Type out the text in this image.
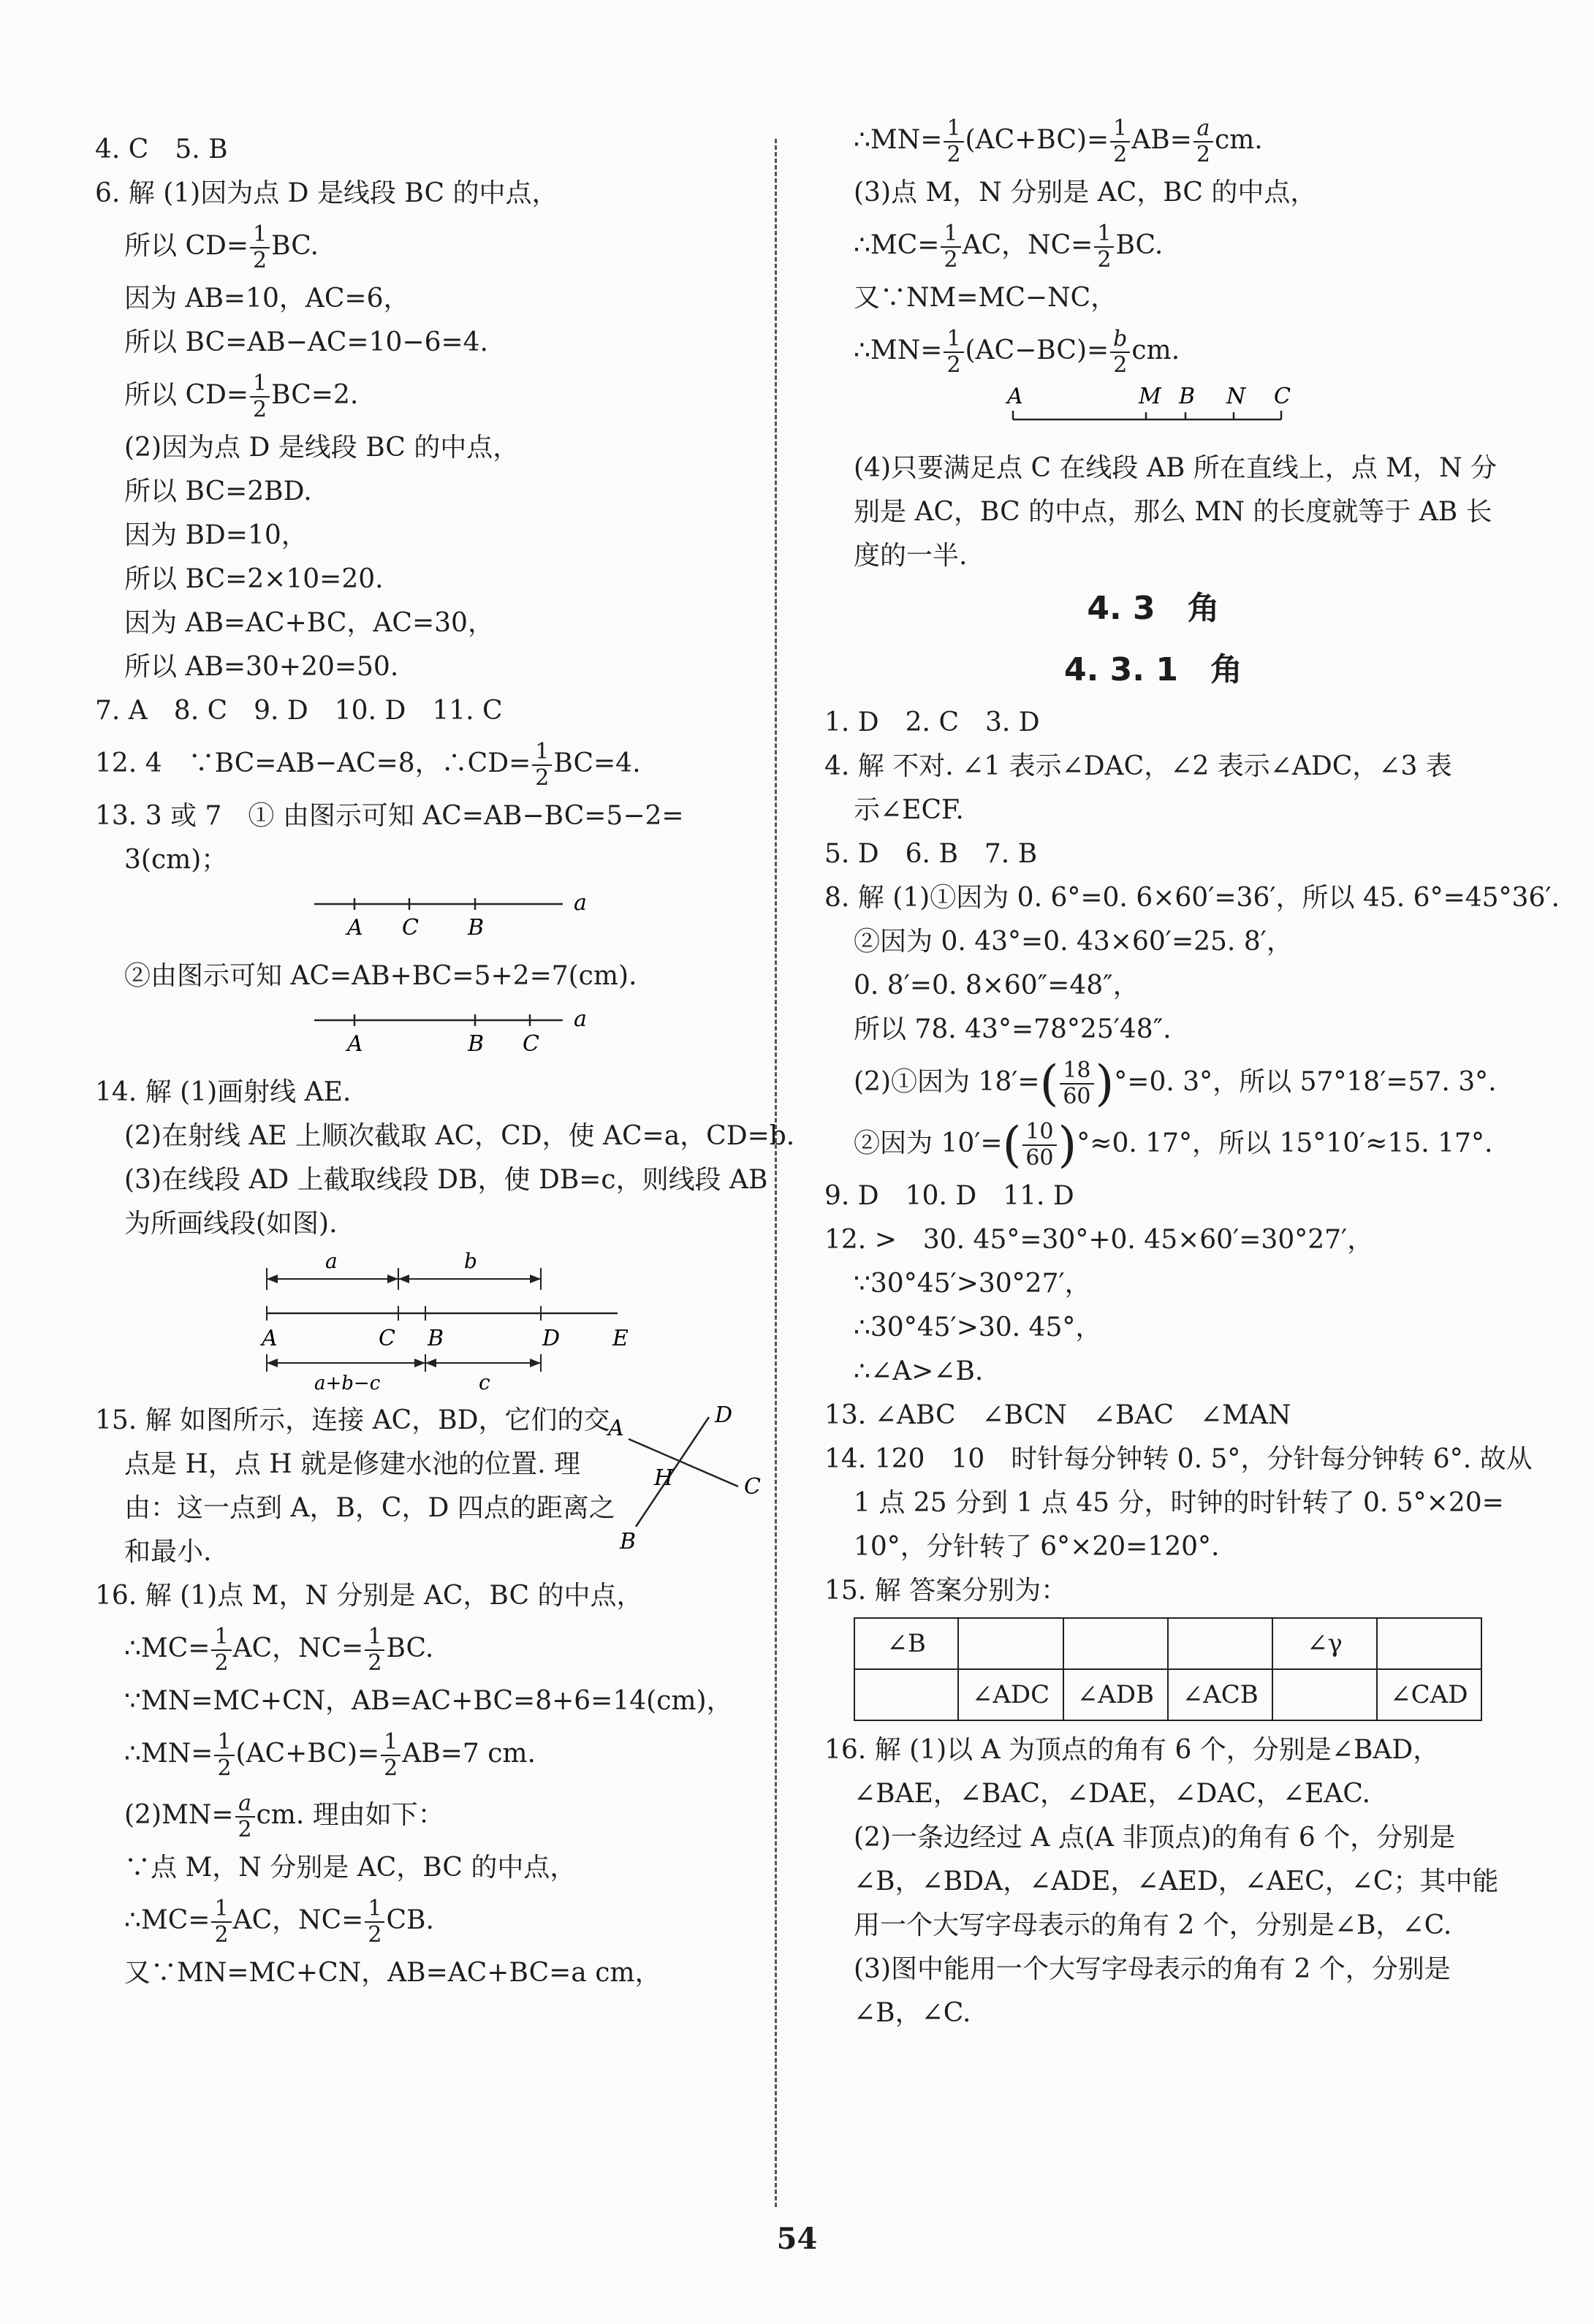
4. C　5. B
6. 解 (1)因为点 D 是线段 BC 的中点，
所以 $CD= \frac{1}{2}$ BC.
因为 AB=10，AC=6，
所以 BC=AB−AC=10−6=4.
所以 $CD= \frac{1}{2} BC=2$.
(2)因为点 D 是线段 BC 的中点，
所以 BC=2BD.
因为 BD=10，
所以 BC=2×10=20.
因为 AB=AC+BC，AC=30，
所以 AB=30+20=50.
7. A　8. C　9. D　10. D　11. C
12. 4　∵BC=AB−AC=8，∴CD= $\frac{1}{2} BC=4$.
13. 3 或 7　① 由图示可知 AC=AB−BC=5−2=
3(cm)；
A C B
a
②由图示可知 AC=AB+BC=5+2=7(cm).
A	B C
a
14. 解 (1)画射线 AE.
(2)在射线 AE 上顺次截取 AC，CD，使 AC=a，CD=b.
(3)在线段 AD 上截取线段 DB，使 DB=c，则线段 AB
为所画线段(如图).
a	b
A	C B	D E
a+b−c	c
15. 解 如图所示，连接 AC，BD，它们的交
点是 H，点 H 就是修建水池的位置. 理
由：这一点到 A，B，C，D 四点的距离之
和最小.
A
D
H	C
B
16. 解 (1)点 M，N 分别是 AC，BC 的中点，
∴MC= $\frac{1}{2}$ AC，$NC= \frac{1}{2}$ BC.
∵MN=MC+CN，AB=AC+BC=8+6=14(cm)，
∴MN= $\frac{1}{2} (AC+BC)= \frac{1}{2} AB=7$ cm.
$(2)MN= \frac{a}{2}$ cm. 理由如下：
∵点 M，N 分别是 AC，BC 的中点，
∴MC= $\frac{1}{2}$ AC，$NC= \frac{1}{2}$ CB.
又∵MN=MC+CN，AB=AC+BC=a cm，
∴MN= $\frac{1}{2} (AC+BC)= \frac{1}{2} AB= \frac{a}{2}$ cm.
(3)点 M，N 分别是 AC，BC 的中点，
∴MC= $\frac{1}{2}$ AC，$NC= \frac{1}{2}$ BC.
又∵NM=MC−NC，
∴MN= $\frac{1}{2} (AC-BC)= \frac{b}{2}$ cm.
A	M B N C
(4)只要满足点 C 在线段 AB 所在直线上，点 M，N 分
别是 AC，BC 的中点，那么 MN 的长度就等于 AB 长
度的一半.
4. 3　角
4. 3. 1　角
1. D　2. C　3. D
4. 解 不对. ∠1 表示∠DAC，∠2 表示∠ADC，∠3 表
示∠ECF.
5. D　6. B　7. B
8. 解 (1)①因为 0. 6°=0. 6×60′=36′，所以 45. 6°=45°36′.
②因为 0. 43°=0. 43×60′=25. 8′，
0. 8′=0. 8×60″=48″，
所以 78. 43°=78°25′48″.
(2)①因为 $18'=( \frac{18}{60} )^\circ=0$. 3°，所以 57°18′=57. 3°.
②因为 $10'=( \frac{10}{60} )^\circ\approx 0$. 17°，所以 15°10′≈15. 17°.
9. D　10. D　11. D
12. >　30. 45°=30°+0. 45×60′=30°27′，
∵30°45′>30°27′，
∴30°45′>30. 45°，
∴∠A>∠B.
13. ∠ABC　∠BCN　∠BAC　∠MAN
14. 120　10　时针每分钟转 0. 5°，分针每分钟转 6°. 故从
1 点 25 分到 1 点 45 分，时钟的时针转了 0. 5°×20=
10°，分针转了 6°×20=120°.
15. 解 答案分别为：
∠B				∠γ	
	∠ADC	∠ADB	∠ACB		∠CAD
16. 解 (1)以 A 为顶点的角有 6 个，分别是∠BAD，
∠BAE，∠BAC，∠DAE，∠DAC，∠EAC.
(2)一条边经过 A 点(A 非顶点)的角有 6 个，分别是
∠B，∠BDA，∠ADE，∠AED，∠AEC，∠C；其中能
用一个大写字母表示的角有 2 个，分别是∠B，∠C.
(3)图中能用一个大写字母表示的角有 2 个，分别是
∠B，∠C.
54
